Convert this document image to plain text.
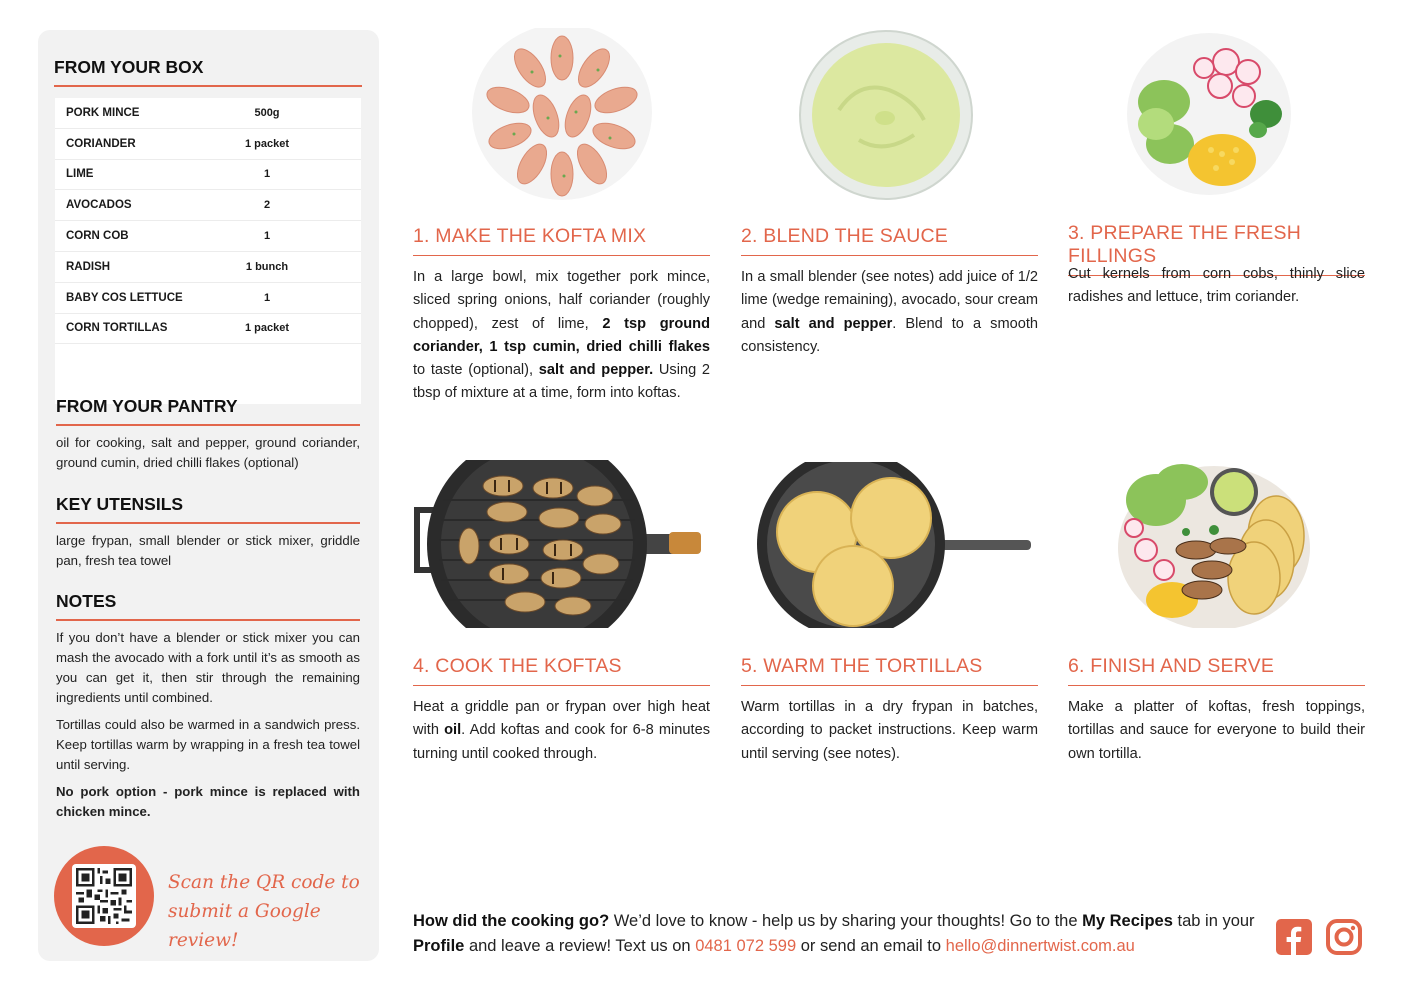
FROM YOUR BOX
PORK MINCE	500g
CORIANDER	1 packet
LIME	1
AVOCADOS	2
CORN COB	1
RADISH	1 bunch
BABY COS LETTUCE	1
CORN TORTILLAS	1 packet
FROM YOUR PANTRY

oil for cooking, salt and pepper, ground coriander, ground cumin, dried chilli flakes (optional)

KEY UTENSILS

large frypan, small blender or stick mixer, griddle pan, fresh tea towel

NOTES

If you don’t have a blender or stick mixer you can mash the avocado with a fork until it’s as smooth as you can get it, then stir through the remaining ingredients until combined.

Tortillas could also be warmed in a sandwich press. Keep tortillas warm by wrapping in a fresh tea towel until serving.

No pork option - pork mince is replaced with chicken mince.

Scan the QR code to
submit a Google review!
1. MAKE THE KOFTA MIX
In a large bowl, mix together pork mince, sliced spring onions, half coriander (roughly chopped), zest of lime, 2 tsp ground coriander, 1 tsp cumin, dried chilli flakes to taste (optional), salt and pepper. Using 2 tbsp of mixture at a time, form into koftas.
2. BLEND THE SAUCE
In a small blender (see notes) add juice of 1/2 lime (wedge remaining), avocado, sour cream and salt and pepper. Blend to a smooth consistency.
3. PREPARE THE FRESH FILLINGS
Cut kernels from corn cobs, thinly slice radishes and lettuce, trim coriander.
4. COOK THE KOFTAS
Heat a griddle pan or frypan over high heat with oil. Add koftas and cook for 6-8 minutes turning until cooked through.
5. WARM THE TORTILLAS
Warm tortillas in a dry frypan in batches, according to packet instructions. Keep warm until serving (see notes).
6. FINISH AND SERVE
Make a platter of koftas, fresh toppings, tortillas and sauce for everyone to build their own tortilla.
How did the cooking go? We’d love to know - help us by sharing your thoughts! Go to the My Recipes tab in your Profile and leave a review! Text us on 0481 072 599 or send an email to hello@dinnertwist.com.au
